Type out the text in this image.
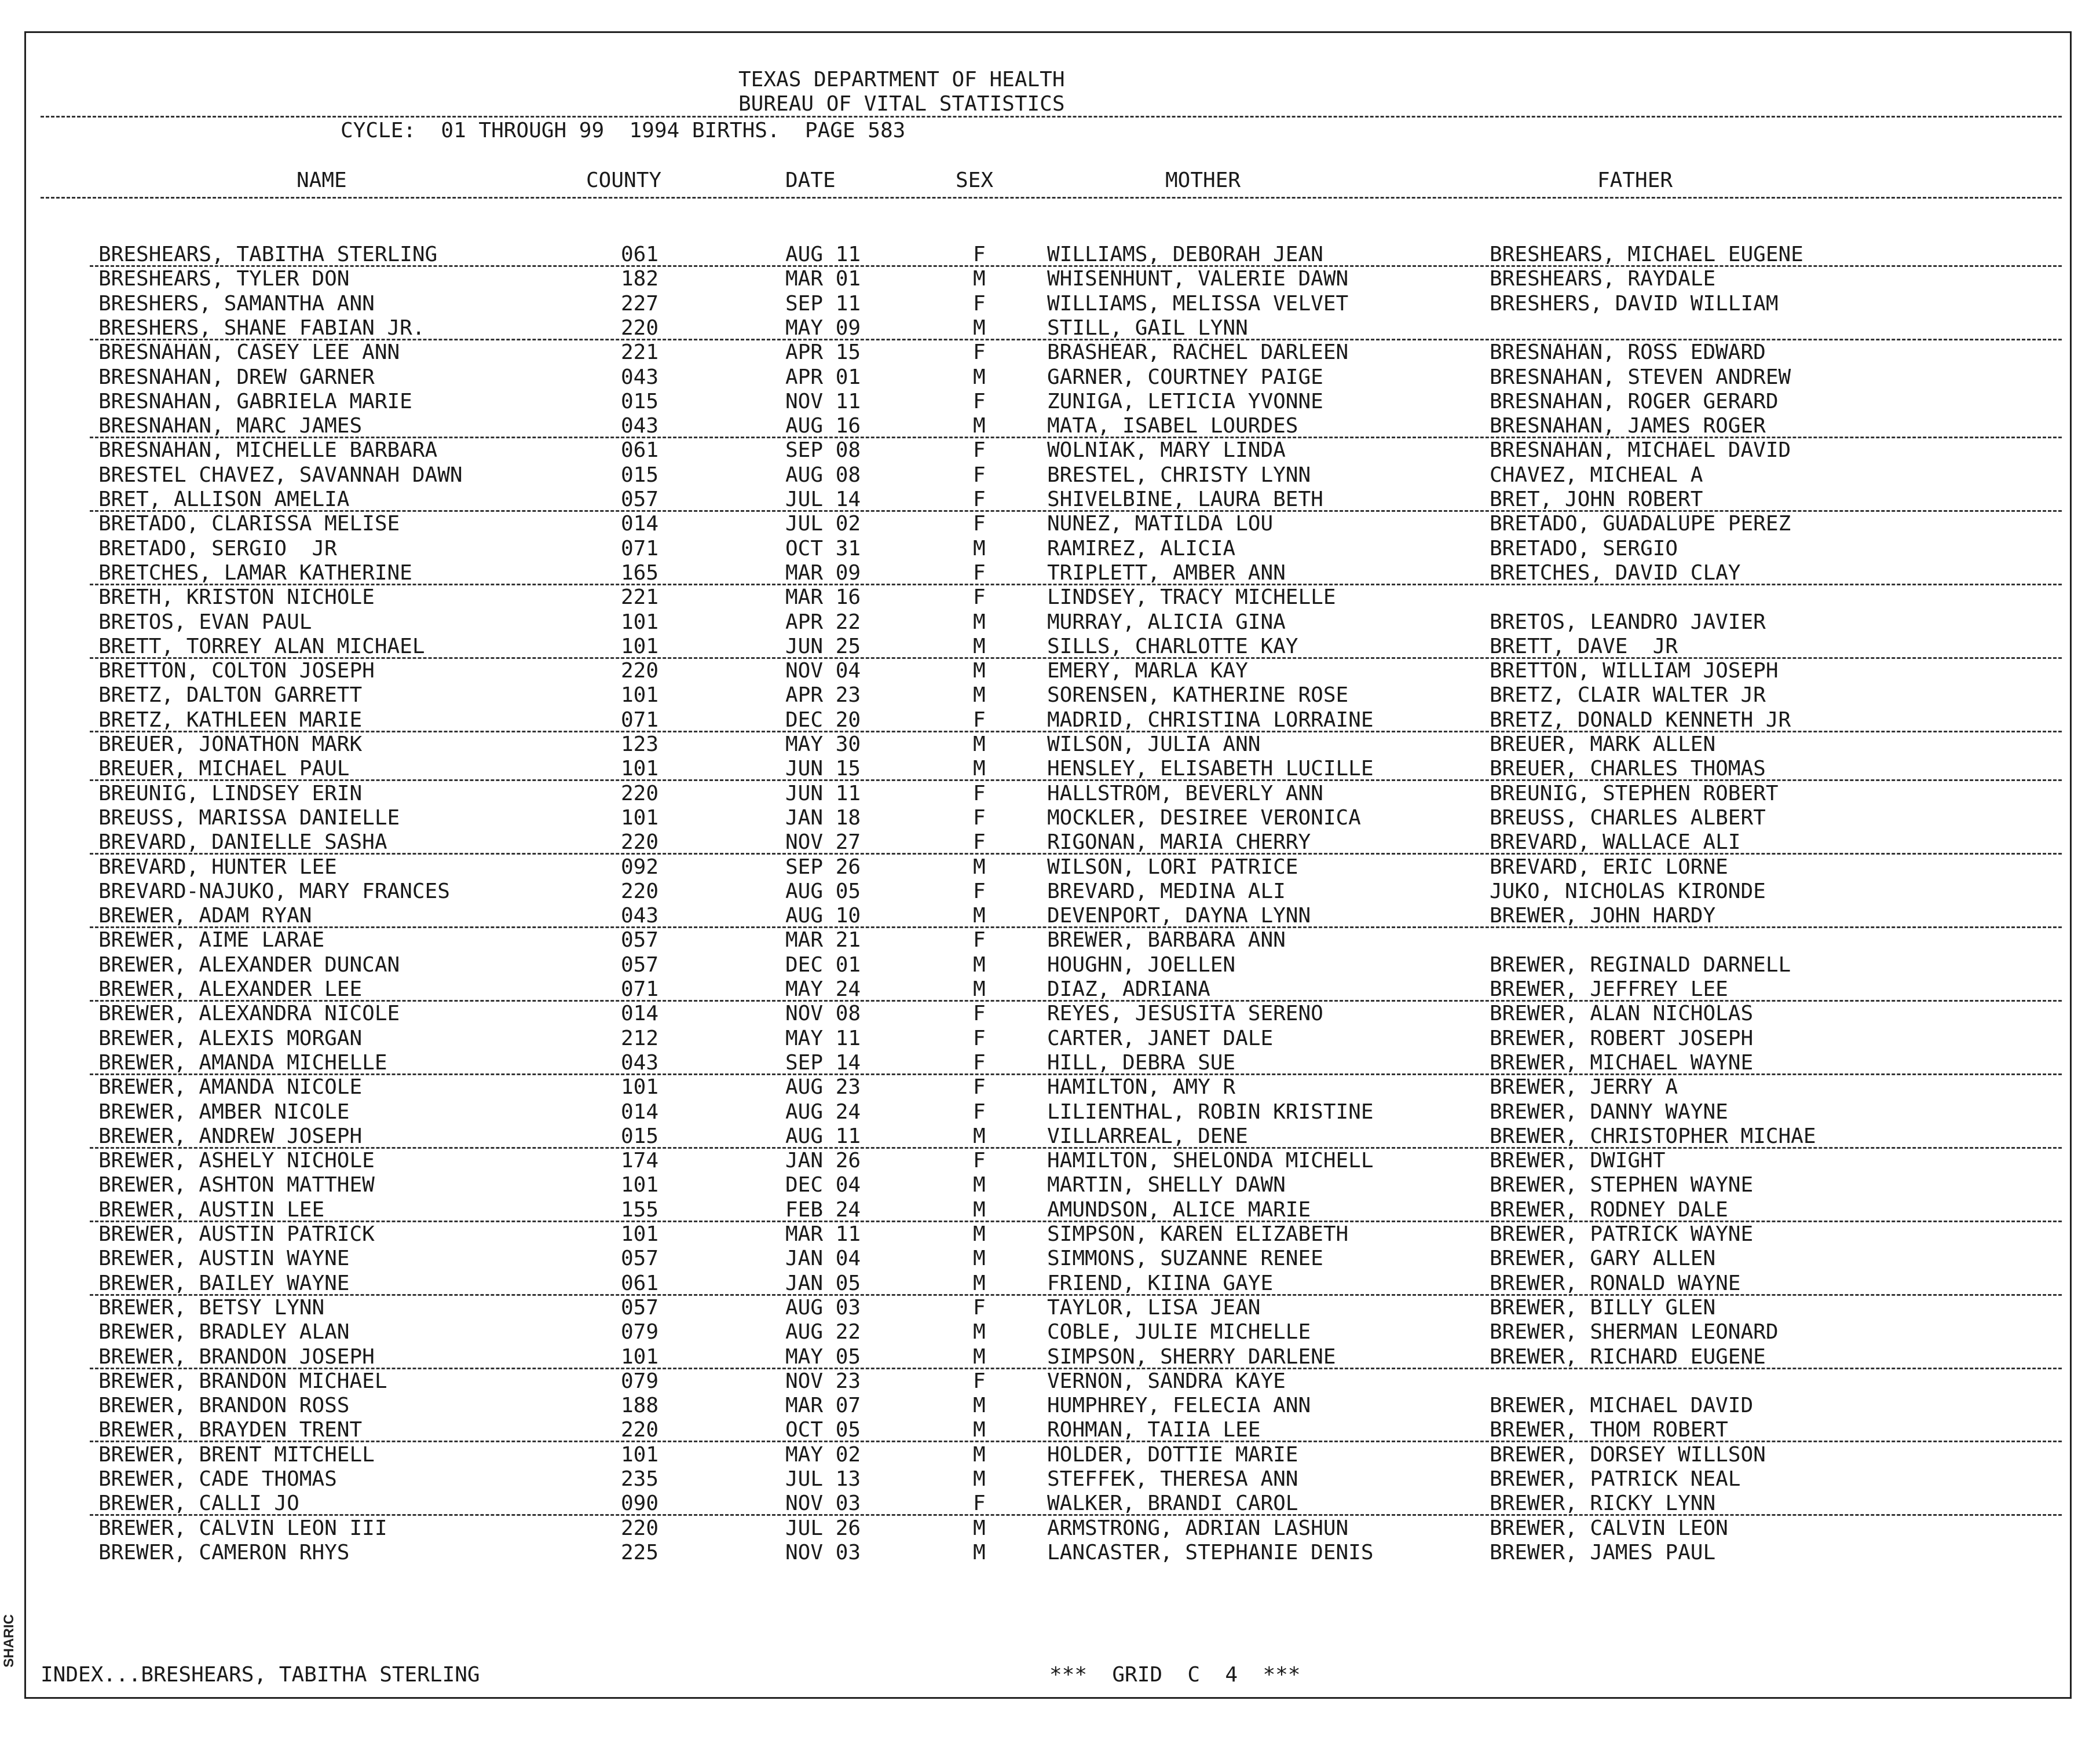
SHARIC
TEXAS DEPARTMENT OF HEALTH
BUREAU OF VITAL STATISTICS
CYCLE:  01 THROUGH 99  1994 BIRTHS.  PAGE 583
NAME	COUNTY	DATE	SEX	MOTHER	FATHER
BRESHEARS, TABITHA STERLING	061	AUG 11	F	WILLIAMS, DEBORAH JEAN	BRESHEARS, MICHAEL EUGENE
BRESHEARS, TYLER DON	182	MAR 01	M	WHISENHUNT, VALERIE DAWN	BRESHEARS, RAYDALE
BRESHERS, SAMANTHA ANN	227	SEP 11	F	WILLIAMS, MELISSA VELVET	BRESHERS, DAVID WILLIAM
BRESHERS, SHANE FABIAN JR.	220	MAY 09	M	STILL, GAIL LYNN
BRESNAHAN, CASEY LEE ANN	221	APR 15	F	BRASHEAR, RACHEL DARLEEN	BRESNAHAN, ROSS EDWARD
BRESNAHAN, DREW GARNER	043	APR 01	M	GARNER, COURTNEY PAIGE	BRESNAHAN, STEVEN ANDREW
BRESNAHAN, GABRIELA MARIE	015	NOV 11	F	ZUNIGA, LETICIA YVONNE	BRESNAHAN, ROGER GERARD
BRESNAHAN, MARC JAMES	043	AUG 16	M	MATA, ISABEL LOURDES	BRESNAHAN, JAMES ROGER
BRESNAHAN, MICHELLE BARBARA	061	SEP 08	F	WOLNIAK, MARY LINDA	BRESNAHAN, MICHAEL DAVID
BRESTEL CHAVEZ, SAVANNAH DAWN	015	AUG 08	F	BRESTEL, CHRISTY LYNN	CHAVEZ, MICHEAL A
BRET, ALLISON AMELIA	057	JUL 14	F	SHIVELBINE, LAURA BETH	BRET, JOHN ROBERT
BRETADO, CLARISSA MELISE	014	JUL 02	F	NUNEZ, MATILDA LOU	BRETADO, GUADALUPE PEREZ
BRETADO, SERGIO  JR	071	OCT 31	M	RAMIREZ, ALICIA	BRETADO, SERGIO
BRETCHES, LAMAR KATHERINE	165	MAR 09	F	TRIPLETT, AMBER ANN	BRETCHES, DAVID CLAY
BRETH, KRISTON NICHOLE	221	MAR 16	F	LINDSEY, TRACY MICHELLE
BRETOS, EVAN PAUL	101	APR 22	M	MURRAY, ALICIA GINA	BRETOS, LEANDRO JAVIER
BRETT, TORREY ALAN MICHAEL	101	JUN 25	M	SILLS, CHARLOTTE KAY	BRETT, DAVE  JR
BRETTON, COLTON JOSEPH	220	NOV 04	M	EMERY, MARLA KAY	BRETTON, WILLIAM JOSEPH
BRETZ, DALTON GARRETT	101	APR 23	M	SORENSEN, KATHERINE ROSE	BRETZ, CLAIR WALTER JR
BRETZ, KATHLEEN MARIE	071	DEC 20	F	MADRID, CHRISTINA LORRAINE	BRETZ, DONALD KENNETH JR
BREUER, JONATHON MARK	123	MAY 30	M	WILSON, JULIA ANN	BREUER, MARK ALLEN
BREUER, MICHAEL PAUL	101	JUN 15	M	HENSLEY, ELISABETH LUCILLE	BREUER, CHARLES THOMAS
BREUNIG, LINDSEY ERIN	220	JUN 11	F	HALLSTROM, BEVERLY ANN	BREUNIG, STEPHEN ROBERT
BREUSS, MARISSA DANIELLE	101	JAN 18	F	MOCKLER, DESIREE VERONICA	BREUSS, CHARLES ALBERT
BREVARD, DANIELLE SASHA	220	NOV 27	F	RIGONAN, MARIA CHERRY	BREVARD, WALLACE ALI
BREVARD, HUNTER LEE	092	SEP 26	M	WILSON, LORI PATRICE	BREVARD, ERIC LORNE
BREVARD-NAJUKO, MARY FRANCES	220	AUG 05	F	BREVARD, MEDINA ALI	JUKO, NICHOLAS KIRONDE
BREWER, ADAM RYAN	043	AUG 10	M	DEVENPORT, DAYNA LYNN	BREWER, JOHN HARDY
BREWER, AIME LARAE	057	MAR 21	F	BREWER, BARBARA ANN
BREWER, ALEXANDER DUNCAN	057	DEC 01	M	HOUGHN, JOELLEN	BREWER, REGINALD DARNELL
BREWER, ALEXANDER LEE	071	MAY 24	M	DIAZ, ADRIANA	BREWER, JEFFREY LEE
BREWER, ALEXANDRA NICOLE	014	NOV 08	F	REYES, JESUSITA SERENO	BREWER, ALAN NICHOLAS
BREWER, ALEXIS MORGAN	212	MAY 11	F	CARTER, JANET DALE	BREWER, ROBERT JOSEPH
BREWER, AMANDA MICHELLE	043	SEP 14	F	HILL, DEBRA SUE	BREWER, MICHAEL WAYNE
BREWER, AMANDA NICOLE	101	AUG 23	F	HAMILTON, AMY R	BREWER, JERRY A
BREWER, AMBER NICOLE	014	AUG 24	F	LILIENTHAL, ROBIN KRISTINE	BREWER, DANNY WAYNE
BREWER, ANDREW JOSEPH	015	AUG 11	M	VILLARREAL, DENE	BREWER, CHRISTOPHER MICHAE
BREWER, ASHELY NICHOLE	174	JAN 26	F	HAMILTON, SHELONDA MICHELL	BREWER, DWIGHT
BREWER, ASHTON MATTHEW	101	DEC 04	M	MARTIN, SHELLY DAWN	BREWER, STEPHEN WAYNE
BREWER, AUSTIN LEE	155	FEB 24	M	AMUNDSON, ALICE MARIE	BREWER, RODNEY DALE
BREWER, AUSTIN PATRICK	101	MAR 11	M	SIMPSON, KAREN ELIZABETH	BREWER, PATRICK WAYNE
BREWER, AUSTIN WAYNE	057	JAN 04	M	SIMMONS, SUZANNE RENEE	BREWER, GARY ALLEN
BREWER, BAILEY WAYNE	061	JAN 05	M	FRIEND, KIINA GAYE	BREWER, RONALD WAYNE
BREWER, BETSY LYNN	057	AUG 03	F	TAYLOR, LISA JEAN	BREWER, BILLY GLEN
BREWER, BRADLEY ALAN	079	AUG 22	M	COBLE, JULIE MICHELLE	BREWER, SHERMAN LEONARD
BREWER, BRANDON JOSEPH	101	MAY 05	M	SIMPSON, SHERRY DARLENE	BREWER, RICHARD EUGENE
BREWER, BRANDON MICHAEL	079	NOV 23	F	VERNON, SANDRA KAYE
BREWER, BRANDON ROSS	188	MAR 07	M	HUMPHREY, FELECIA ANN	BREWER, MICHAEL DAVID
BREWER, BRAYDEN TRENT	220	OCT 05	M	ROHMAN, TAIIA LEE	BREWER, THOM ROBERT
BREWER, BRENT MITCHELL	101	MAY 02	M	HOLDER, DOTTIE MARIE	BREWER, DORSEY WILLSON
BREWER, CADE THOMAS	235	JUL 13	M	STEFFEK, THERESA ANN	BREWER, PATRICK NEAL
BREWER, CALLI JO	090	NOV 03	F	WALKER, BRANDI CAROL	BREWER, RICKY LYNN
BREWER, CALVIN LEON III	220	JUL 26	M	ARMSTRONG, ADRIAN LASHUN	BREWER, CALVIN LEON
BREWER, CAMERON RHYS	225	NOV 03	M	LANCASTER, STEPHANIE DENIS	BREWER, JAMES PAUL
INDEX...BRESHEARS, TABITHA STERLING	***  GRID  C  4  ***
